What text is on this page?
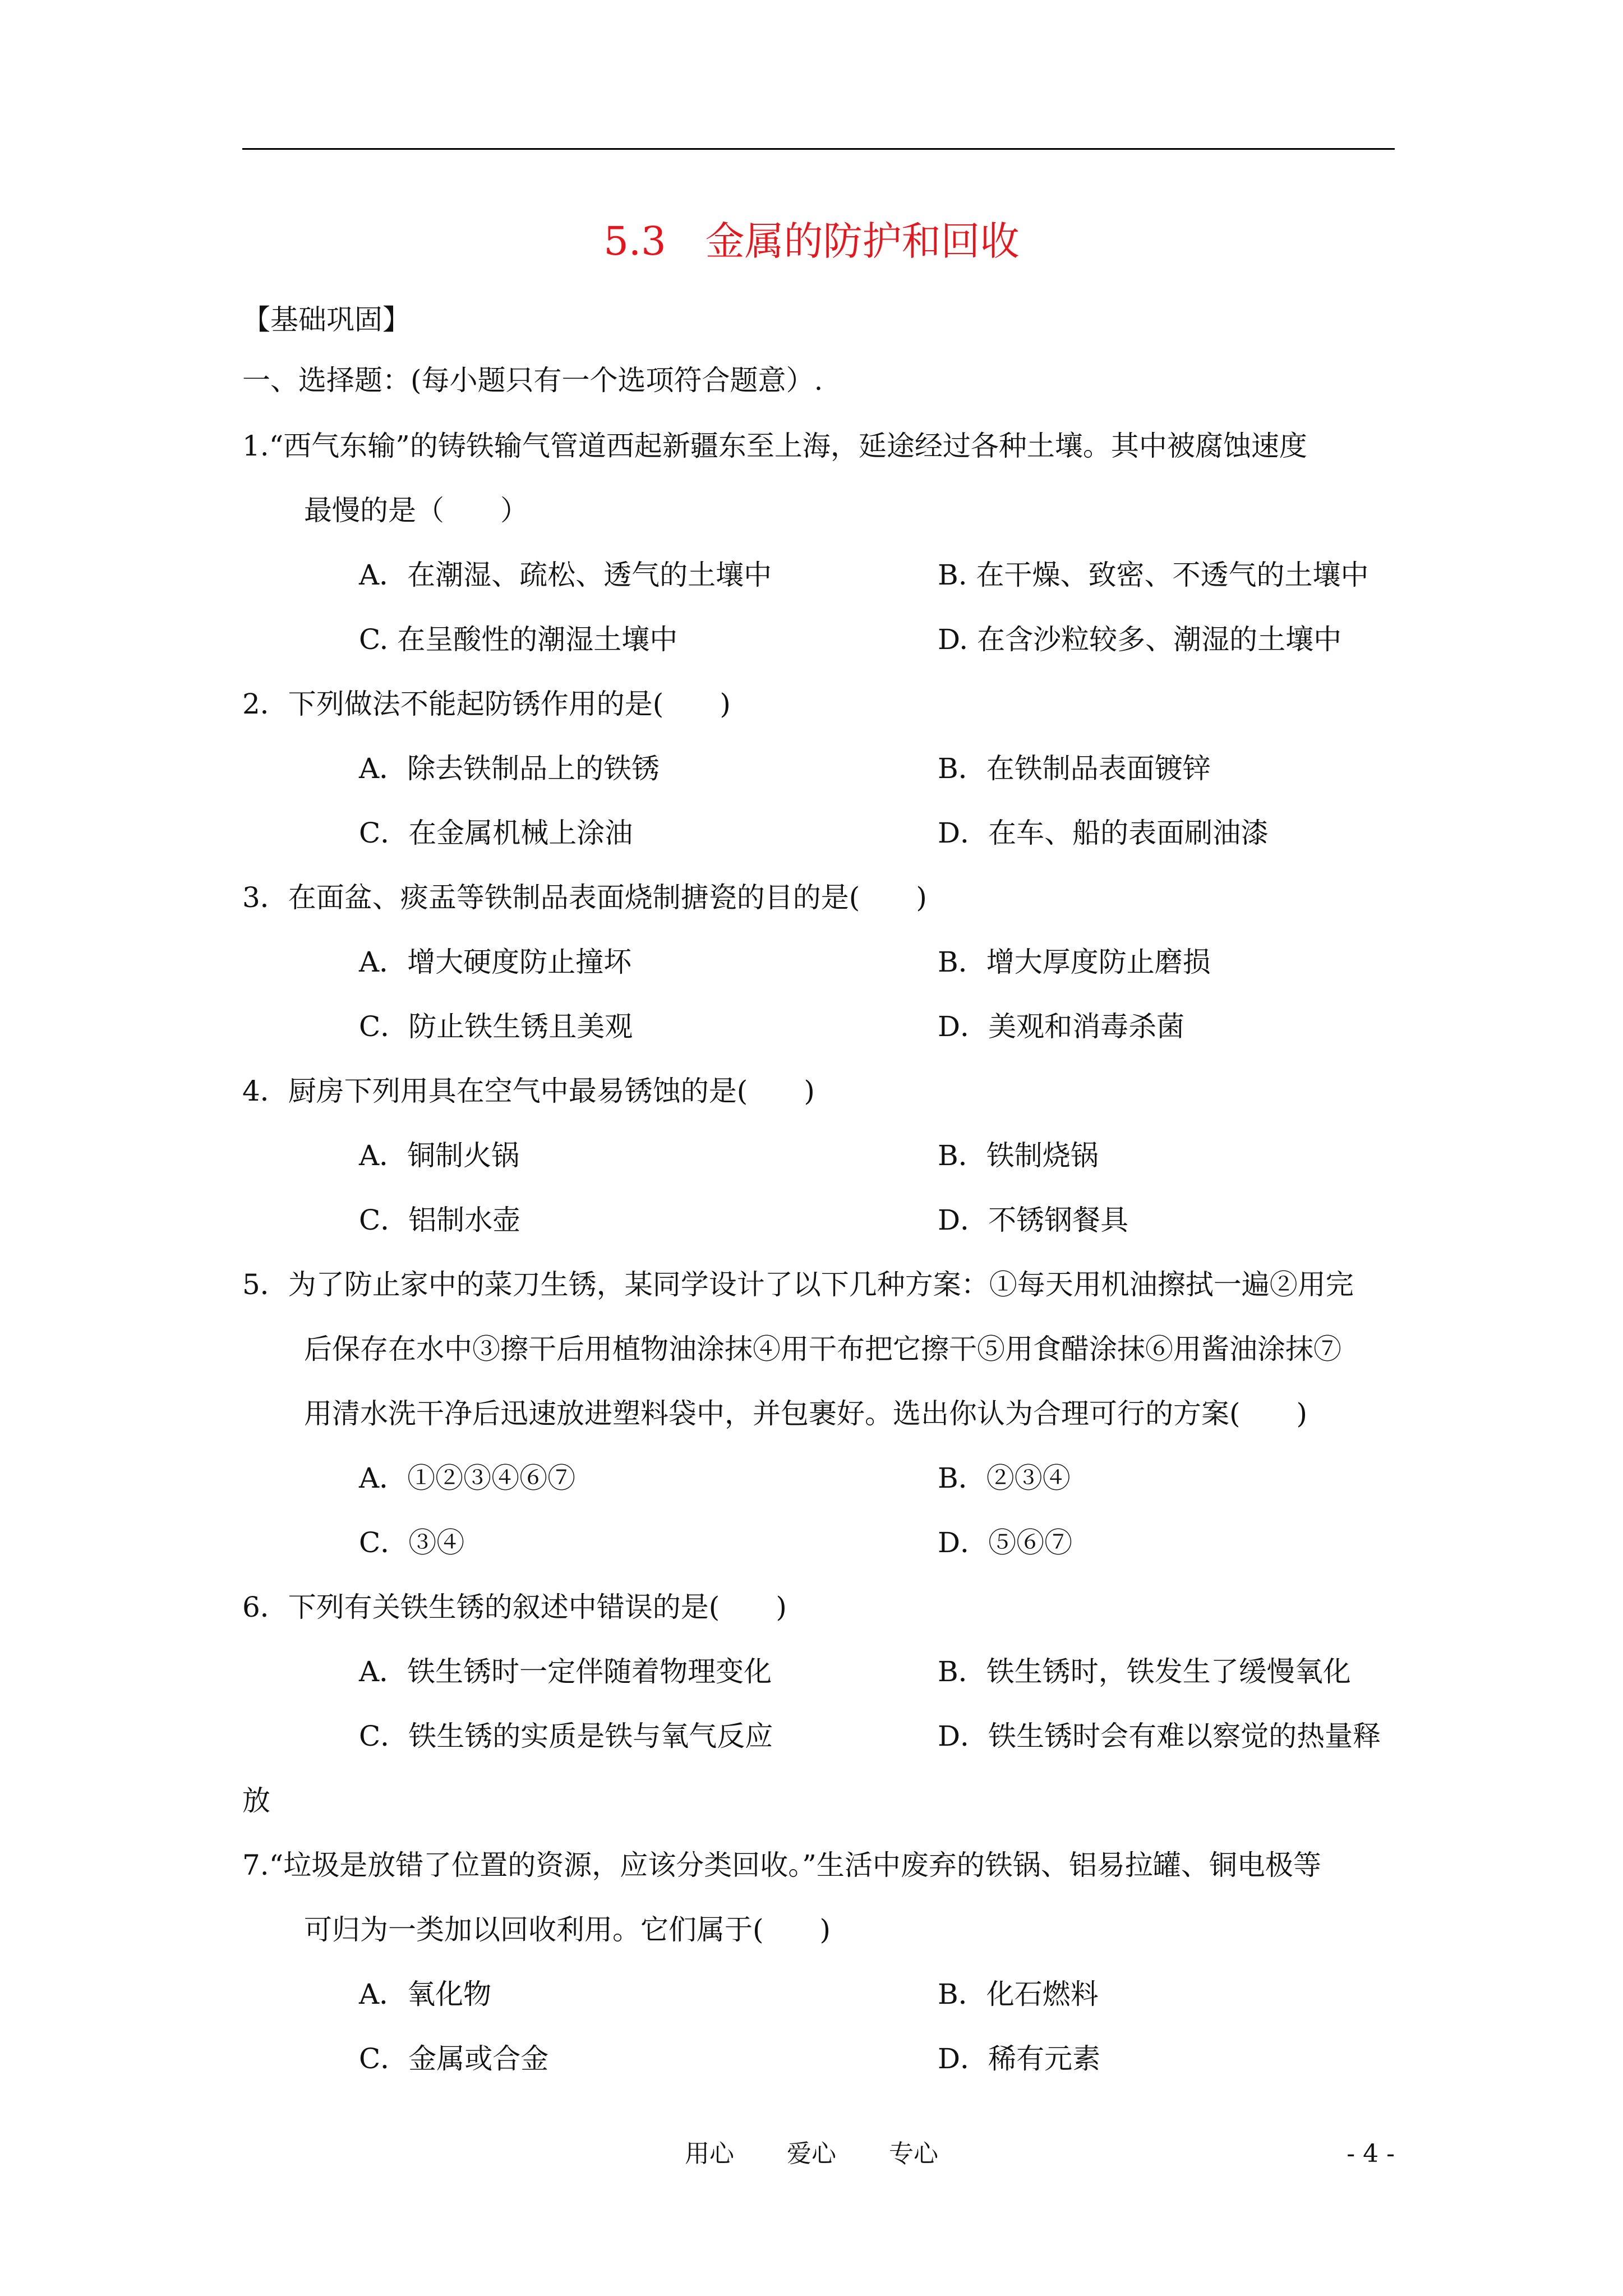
5.3　金属的防护和回收
【基础巩固】
一、选择题：(每小题只有一个选项符合题意）.
1.“西气东输”的铸铁输气管道西起新疆东至上海，延途经过各种土壤。其中被腐蚀速度
最慢的是（　　）
A．在潮湿、疏松、透气的土壤中	B. 在干燥、致密、不透气的土壤中
C. 在呈酸性的潮湿土壤中	D. 在含沙粒较多、潮湿的土壤中
2．下列做法不能起防锈作用的是(　　)
A．除去铁制品上的铁锈	B．在铁制品表面镀锌
C．在金属机械上涂油	D．在车、船的表面刷油漆
3．在面盆、痰盂等铁制品表面烧制搪瓷的目的是(　　)
A．增大硬度防止撞坏	B．增大厚度防止磨损
C．防止铁生锈且美观	D．美观和消毒杀菌
4．厨房下列用具在空气中最易锈蚀的是(　　)
A．铜制火锅	B．铁制烧锅
C．铝制水壶	D．不锈钢餐具
5．为了防止家中的菜刀生锈，某同学设计了以下几种方案：①每天用机油擦拭一遍②用完
后保存在水中③擦干后用植物油涂抹④用干布把它擦干⑤用食醋涂抹⑥用酱油涂抹⑦
用清水洗干净后迅速放进塑料袋中，并包裹好。选出你认为合理可行的方案(　　)
A．①②③④⑥⑦	B．②③④
C．③④	D．⑤⑥⑦
6．下列有关铁生锈的叙述中错误的是(　　)
A．铁生锈时一定伴随着物理变化	B．铁生锈时，铁发生了缓慢氧化
C．铁生锈的实质是铁与氧气反应	D．铁生锈时会有难以察觉的热量释
放
7.“垃圾是放错了位置的资源，应该分类回收。”生活中废弃的铁锅、铝易拉罐、铜电极等
可归为一类加以回收利用。它们属于(　　)
A．氧化物	B．化石燃料
C．金属或合金	D．稀有元素
用心 爱心 专心	- 4 -
